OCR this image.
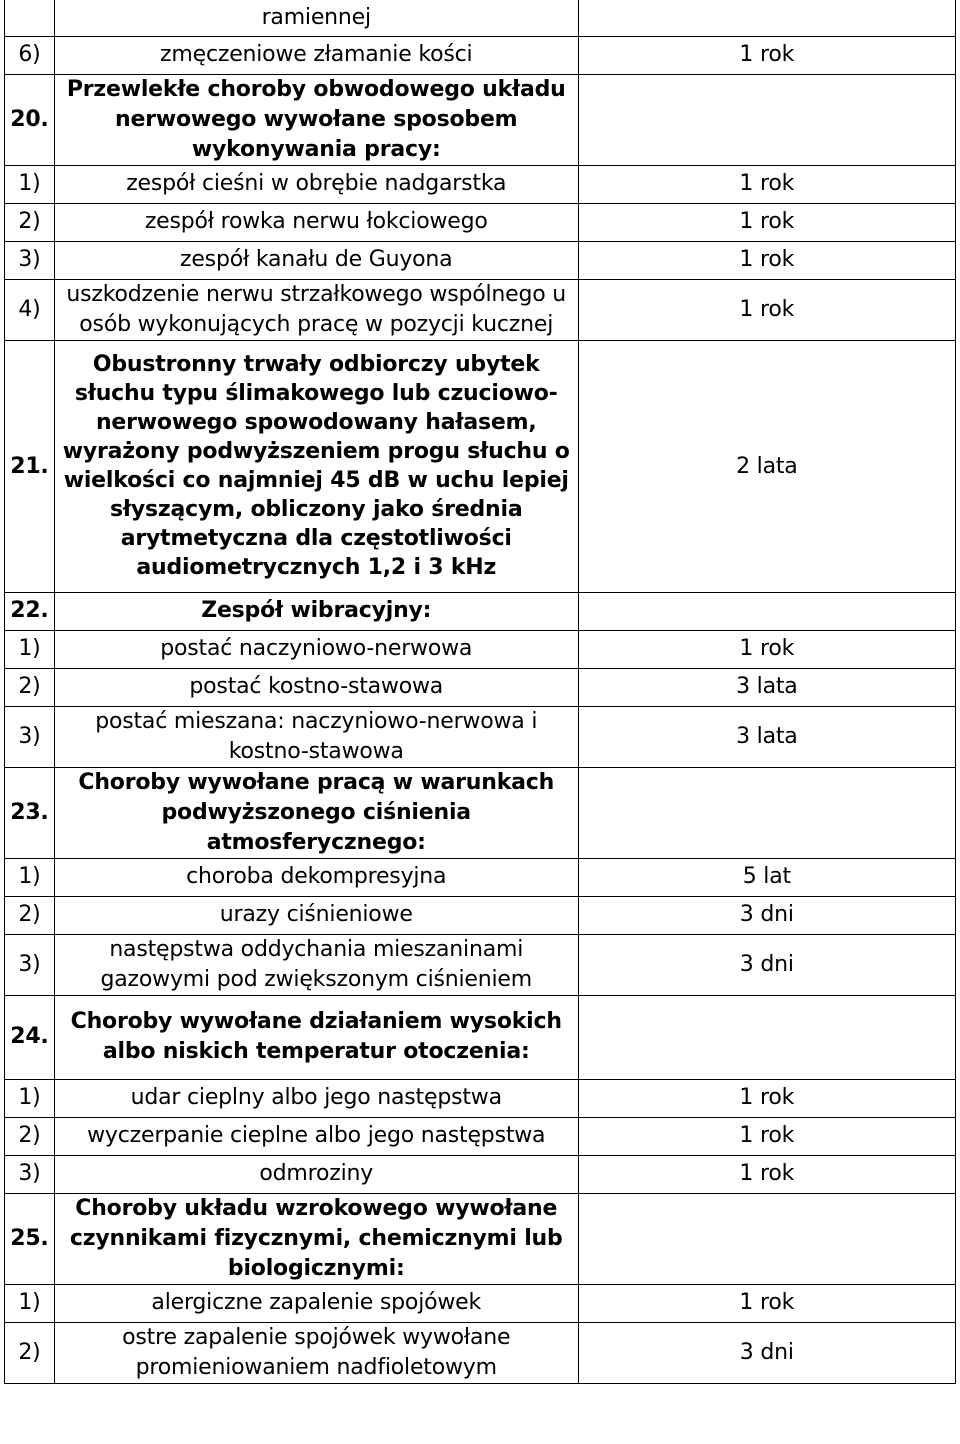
	ramiennej	
6)	zmęczeniowe złamanie kości	1 rok
20.	Przewlekłe choroby obwodowego układu nerwowego wywołane sposobem wykonywania pracy:	
1)	zespół cieśni w obrębie nadgarstka	1 rok
2)	zespół rowka nerwu łokciowego	1 rok
3)	zespół kanału de Guyona	1 rok
4)	uszkodzenie nerwu strzałkowego wspólnego u osób wykonujących pracę w pozycji kucznej	1 rok
21.	Obustronny trwały odbiorczy ubytek słuchu typu ślimakowego lub czuciowo-nerwowego spowodowany hałasem, wyrażony podwyższeniem progu słuchu o wielkości co najmniej 45 dB w uchu lepiej słyszącym, obliczony jako średnia arytmetyczna dla częstotliwości audiometrycznych 1,2 i 3 kHz	2 lata
22.	Zespół wibracyjny:	
1)	postać naczyniowo-nerwowa	1 rok
2)	postać kostno-stawowa	3 lata
3)	postać mieszana: naczyniowo-nerwowa i kostno-stawowa	3 lata
23.	Choroby wywołane pracą w warunkach podwyższonego ciśnienia atmosferycznego:	
1)	choroba dekompresyjna	5 lat
2)	urazy ciśnieniowe	3 dni
3)	następstwa oddychania mieszaninami gazowymi pod zwiększonym ciśnieniem	3 dni
24.	Choroby wywołane działaniem wysokich albo niskich temperatur otoczenia:	
1)	udar cieplny albo jego następstwa	1 rok
2)	wyczerpanie cieplne albo jego następstwa	1 rok
3)	odmroziny	1 rok
25.	Choroby układu wzrokowego wywołane czynnikami fizycznymi, chemicznymi lub biologicznymi:	
1)	alergiczne zapalenie spojówek	1 rok
2)	ostre zapalenie spojówek wywołane promieniowaniem nadfioletowym	3 dni
